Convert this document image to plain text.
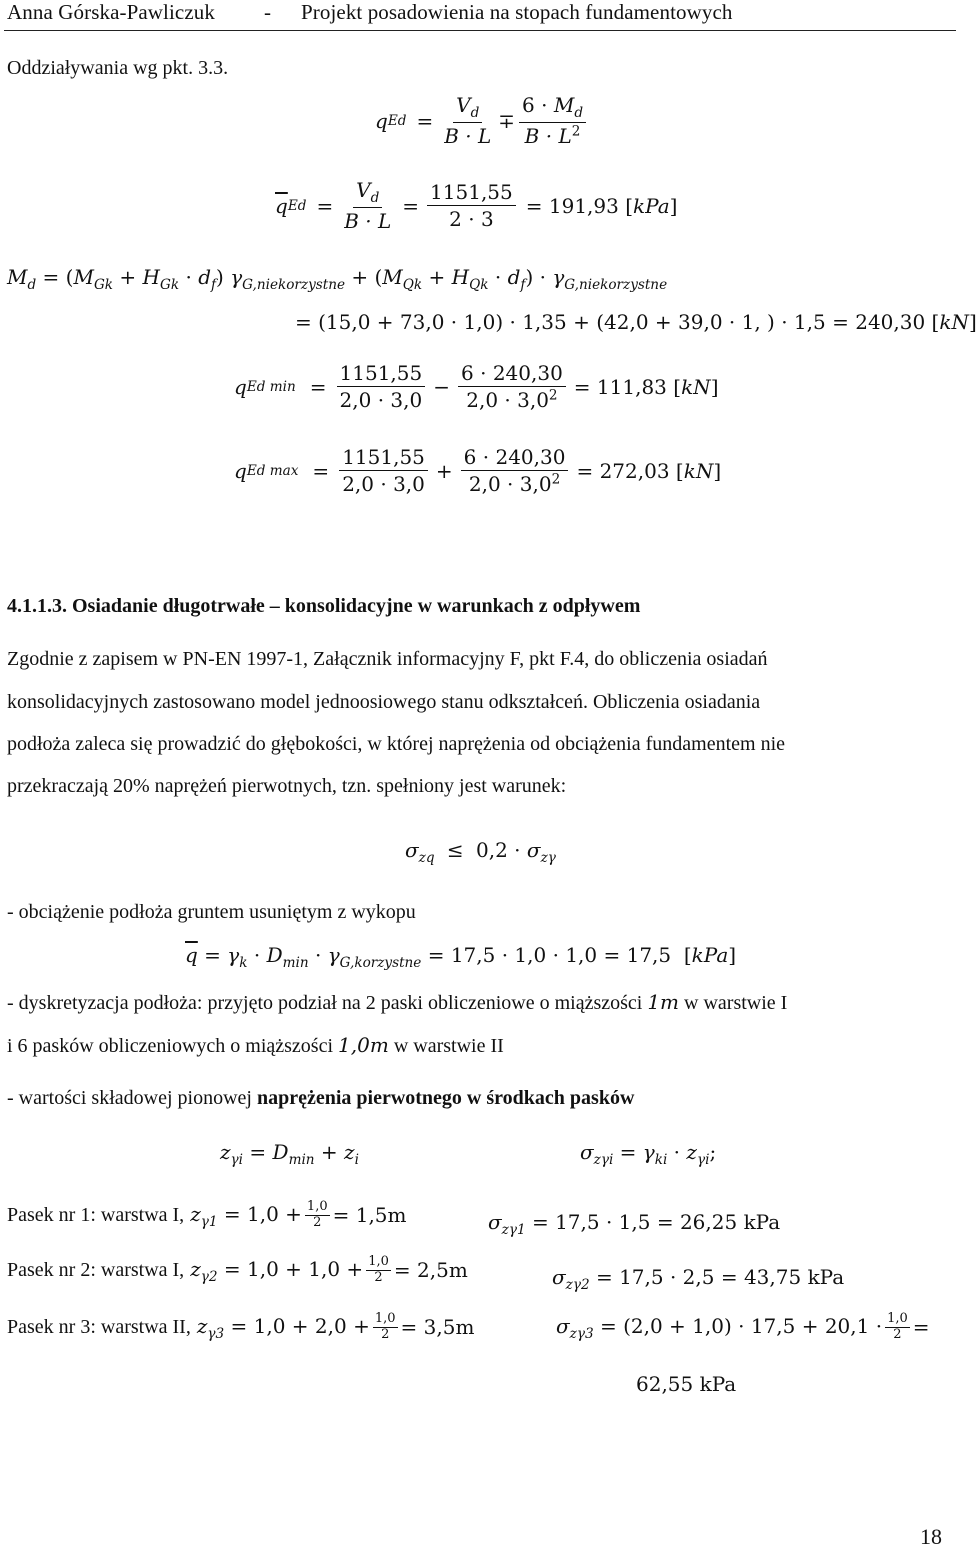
Anna Górska-Pawliczuk - Projekt posadowienia na stopach fundamentowych
Oddziaływania wg pkt. 3.3.
q $Ed = \frac{V_d}{B \cdot L} \mp \frac{6 \cdot M_d}{B \cdot L^2}$
$\overline{q}$ $Ed = \frac{V_d}{B \cdot L} = \frac{1151,55}{2 \cdot 3} = 191,93$ [kPa]
$M_d = (M_{Gk} + H_{Gk} \cdot d_f) \gamma_{G,niekorzystne} + (M_{Qk} + H_{Qk} \cdot d_f) \cdot \gamma_{G,niekorzystne}$
= (15,0 + 73,0 · 1,0) · 1,35 + (42,0 + 39,0 · 1, ) · 1,5 = 240,30 [kN]
q Ed $\min = \frac{1151,55}{2,0 \cdot 3,0} - \frac{6 \cdot 240,30}{2,0 \cdot 3,0^2} = 111,83$ [kN]
q Ed $\max = \frac{1151,55}{2,0 \cdot 3,0} + \frac{6 \cdot 240,30}{2,0 \cdot 3,0^2} = 272,03$ [kN]
4.1.1.3. Osiadanie długotrwałe – konsolidacyjne w warunkach z odpływem
Zgodnie z zapisem w PN-EN 1997-1, Załącznik informacyjny F, pkt F.4, do obliczenia osiadań
konsolidacyjnych zastosowano model jednoosiowego stanu odkształceń. Obliczenia osiadania
podłoża zaleca się prowadzić do głębokości, w której naprężenia od obciążenia fundamentem nie
przekraczają 20% naprężeń pierwotnych, tzn. spełniony jest warunek:
$\sigma_{zq} \le 0,2 \cdot \sigma_{z\gamma}$
- obciążenie podłoża gruntem usuniętym z wykopu
$\overline{q} = \gamma_k \cdot D_{min} \cdot \gamma_{G,korzystne} = 17,5 \cdot 1,0 \cdot 1,0 = 17,5$  [kPa]
- dyskretyzacja podłoża: przyjęto podział na 2 paski obliczeniowe o miąższości 1m w warstwie I
i 6 pasków obliczeniowych o miąższości 1,0m w warstwie II
- wartości składowej pionowej naprężenia pierwotnego w środkach pasków
$z_{\gamma i} = D_{min} + z_i$	$\sigma_{z\gamma i} = \gamma_{ki} \cdot z_{\gamma i}$;
Pasek nr 1: warstwa I, $z_{\gamma 1} = 1,0 + \frac{1,0}{2} = 1,5m$	$\sigma_{z\gamma 1} = 17,5 \cdot 1,5 = 26,25$ kPa
Pasek nr 2: warstwa I, $z_{\gamma 2} = 1,0 + 1,0 + \frac{1,0}{2} = 2,5m$	$\sigma_{z\gamma 2} = 17,5 \cdot 2,5 = 43,75$ kPa
Pasek nr 3: warstwa II, $z_{\gamma 3} = 1,0 + 2,0 + \frac{1,0}{2} = 3,5m$	$\sigma_{z\gamma 3} = (2,0 + 1,0) \cdot 17,5 + 20,1 \cdot \frac{1,0}{2}$ =
62,55 kPa
18
